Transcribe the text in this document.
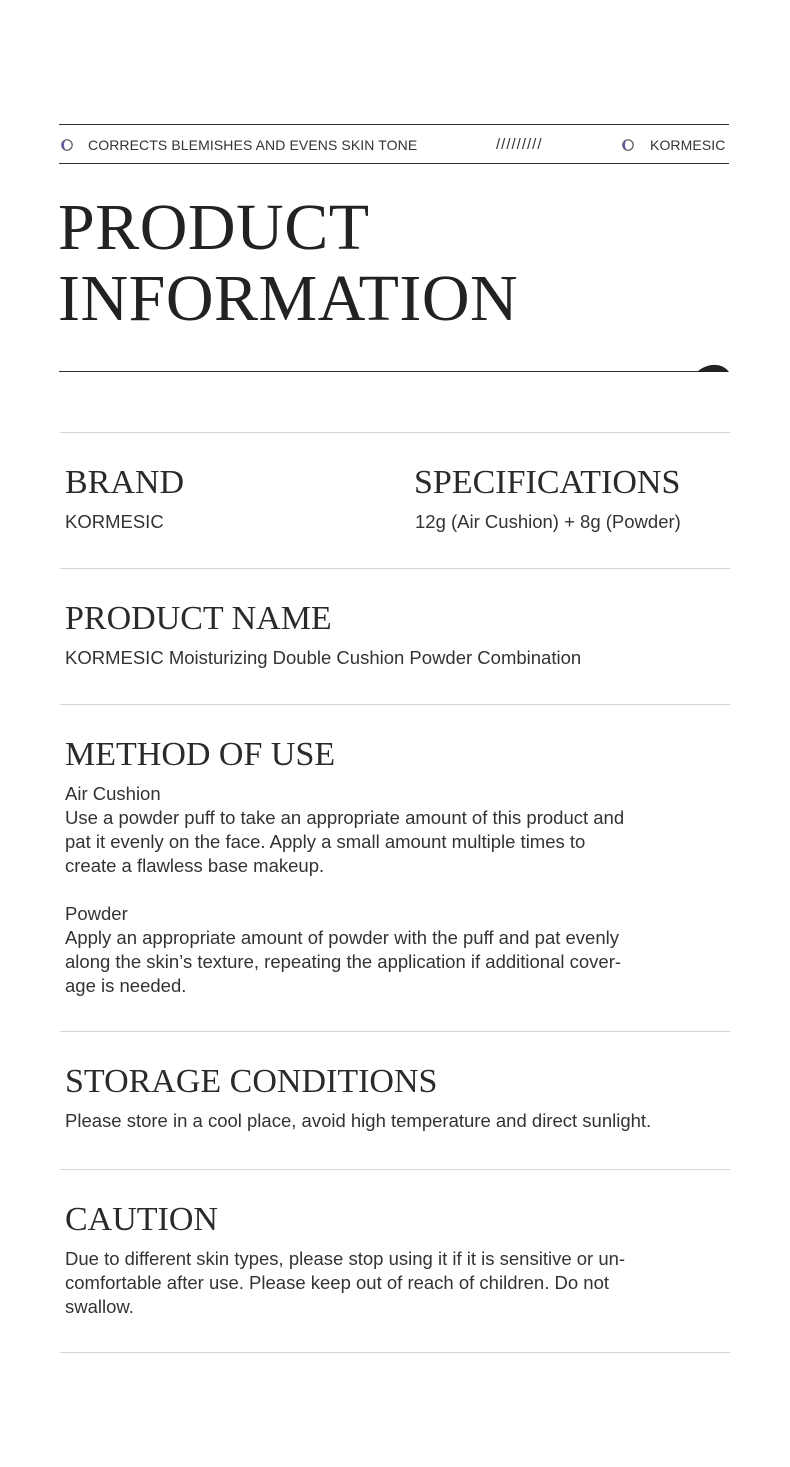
CORRECTS BLEMISHES AND EVENS SKIN TONE	/////////	KORMESIC
PRODUCT
INFORMATION
BRAND

KORMESIC

SPECIFICATIONS

12g (Air Cushion) + 8g (Powder)

PRODUCT NAME

KORMESIC Moisturizing Double Cushion Powder Combination

METHOD OF USE
Air Cushion
Use a powder puff to take an appropriate amount of this product and
pat it evenly on the face. Apply a small amount multiple times to
create a flawless base makeup.
Powder
Apply an appropriate amount of powder with the puff and pat evenly
along the skin’s texture, repeating the application if additional cover-
age is needed.
STORAGE CONDITIONS

Please store in a cool place, avoid high temperature and direct sunlight.

CAUTION
Due to different skin types, please stop using it if it is sensitive or un-
comfortable after use. Please keep out of reach of children. Do not
swallow.
